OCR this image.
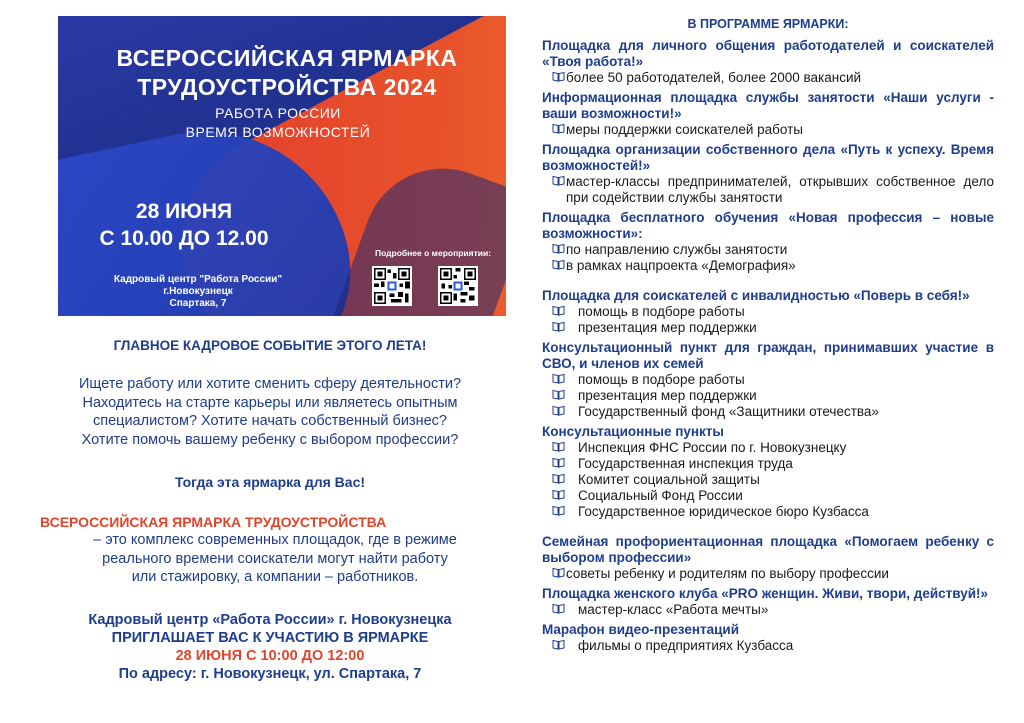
ВСЕРОССИЙСКАЯ ЯРМАРКА
ТРУДОУСТРОЙСТВА 2024
РАБОТА РОССИИ
ВРЕМЯ ВОЗМОЖНОСТЕЙ
28 ИЮНЯ
С 10.00 ДО 12.00
Кадровый центр "Работа России"
г.Новокузнецк
Спартака, 7
Подробнее о мероприятии:
ГЛАВНОЕ КАДРОВОЕ СОБЫТИЕ ЭТОГО ЛЕТА!
Ищете работу или хотите сменить сферу деятельности?
Находитесь на старте карьеры или являетесь опытным
специалистом? Хотите начать собственный бизнес?
Хотите помочь вашему ребенку с выбором профессии?
Тогда эта ярмарка для Вас!
ВСЕРОССИЙСКАЯ ЯРМАРКА ТРУДОУСТРОЙСТВА
– это комплекс современных площадок, где в режиме
реального времени соискатели могут найти работу
или стажировку, а компании – работников.
Кадровый центр «Работа России» г. Новокузнецка
ПРИГЛАШАЕТ ВАС К УЧАСТИЮ В ЯРМАРКЕ
28 ИЮНЯ С 10:00 ДО 12:00
По адресу: г. Новокузнецк, ул. Спартака, 7
В ПРОГРАММЕ ЯРМАРКИ:
Площадка для личного общения работодателей и соискателей «Твоя работа!»
более 50 работодателей, более 2000 вакансий
Информационная площадка службы занятости «Наши услуги - ваши возможности!»
меры поддержки соискателей работы
Площадка организации собственного дела «Путь к успеху. Время возможностей!»
мастер-классы предпринимателей, открывших собственное дело при содействии службы занятости
Площадка бесплатного обучения «Новая профессия – новые возможности»:
по направлению службы занятости
в рамках нацпроекта «Демография»
Площадка для соискателей с инвалидностью «Поверь в себя!»
помощь в подборе работы
презентация мер поддержки
Консультационный пункт для граждан, принимавших участие в СВО, и членов их семей
помощь в подборе работы
презентация мер поддержки
Государственный фонд «Защитники отечества»
Консультационные пункты
Инспекция ФНС России по г. Новокузнецку
Государственная инспекция труда
Комитет социальной защиты
Социальный Фонд России
Государственное юридическое бюро Кузбасса
Семейная профориентационная площадка «Помогаем ребенку с выбором профессии»
советы ребенку и родителям по выбору профессии
Площадка женского клуба «PRO женщин. Живи, твори, действуй!»
мастер-класс «Работа мечты»
Марафон видео-презентаций
фильмы о предприятиях Кузбасса
